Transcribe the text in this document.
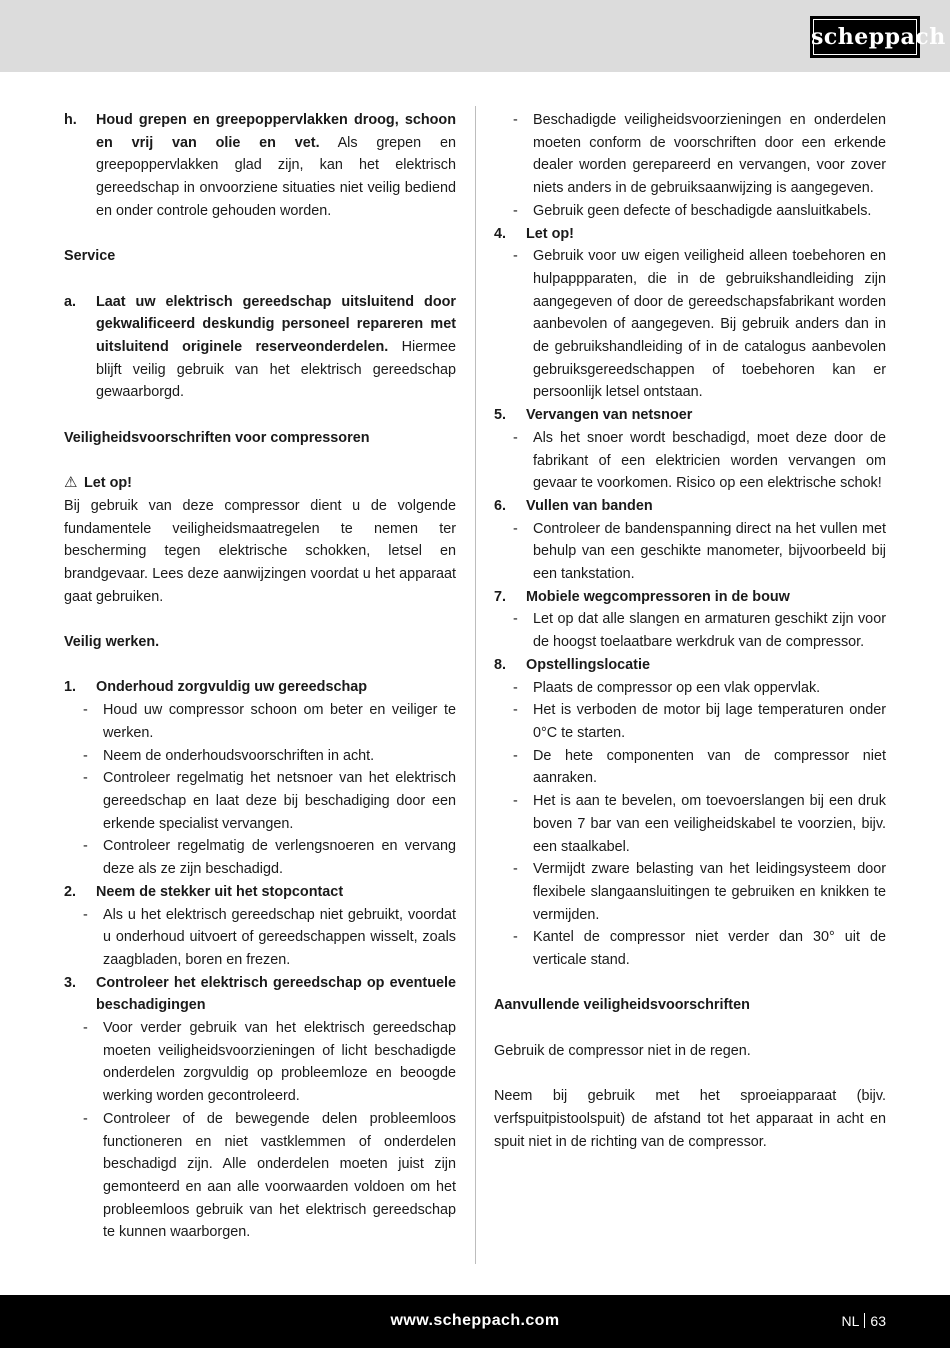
scheppach
h. Houd grepen en greepoppervlakken droog, schoon en vrij van olie en vet. Als grepen en greepoppervlakken glad zijn, kan het elektrisch gereedschap in onvoorziene situaties niet veilig bediend en onder controle gehouden worden.

Service

a. Laat uw elektrisch gereedschap uitsluitend door gekwalificeerd deskundig personeel repareren met uitsluitend originele reserveonderdelen. Hiermee blijft veilig gebruik van het elektrisch gereedschap gewaarborgd.

Veiligheidsvoorschriften voor compressoren

⚠ Let op!

Bij gebruik van deze compressor dient u de volgende fundamentele veiligheidsmaatregelen te nemen ter bescherming tegen elektrische schokken, letsel en brandgevaar. Lees deze aanwijzingen voordat u het apparaat gaat gebruiken.

Veilig werken.

1. Onderhoud zorgvuldig uw gereedschap
- Houd uw compressor schoon om beter en veiliger te werken.
- Neem de onderhoudsvoorschriften in acht.
- Controleer regelmatig het netsnoer van het elektrisch gereedschap en laat deze bij beschadiging door een erkende specialist vervangen.
- Controleer regelmatig de verlengsnoeren en vervang deze als ze zijn beschadigd.
2. Neem de stekker uit het stopcontact
- Als u het elektrisch gereedschap niet gebruikt, voordat u onderhoud uitvoert of gereedschappen wisselt, zoals zaagbladen, boren en frezen.
3. Controleer het elektrisch gereedschap op eventuele beschadigingen
- Voor verder gebruik van het elektrisch gereedschap moeten veiligheidsvoorzieningen of licht beschadigde onderdelen zorgvuldig op probleemloze en beoogde werking worden gecontroleerd.
- Controleer of de bewegende delen probleemloos functioneren en niet vastklemmen of onderdelen beschadigd zijn. Alle onderdelen moeten juist zijn gemonteerd en aan alle voorwaarden voldoen om het probleemloos gebruik van het elektrisch gereedschap te kunnen waarborgen.
- Beschadigde veiligheidsvoorzieningen en onderdelen moeten conform de voorschriften door een erkende dealer worden gerepareerd en vervangen, voor zover niets anders in de gebruiksaanwijzing is aangegeven.
- Gebruik geen defecte of beschadigde aansluitkabels.
4. Let op!
- Gebruik voor uw eigen veiligheid alleen toebehoren en hulpappparaten, die in de gebruikshandleiding zijn aangegeven of door de gereedschapsfabrikant worden aanbevolen of aangegeven. Bij gebruik anders dan in de gebruikshandleiding of in de catalogus aanbevolen gebruiksgereedschappen of toebehoren kan er persoonlijk letsel ontstaan.
5. Vervangen van netsnoer
- Als het snoer wordt beschadigd, moet deze door de fabrikant of een elektricien worden vervangen om gevaar te voorkomen. Risico op een elektrische schok!
6. Vullen van banden
- Controleer de bandenspanning direct na het vullen met behulp van een geschikte manometer, bijvoorbeeld bij een tankstation.
7. Mobiele wegcompressoren in de bouw
- Let op dat alle slangen en armaturen geschikt zijn voor de hoogst toelaatbare werkdruk van de compressor.
8. Opstellingslocatie
- Plaats de compressor op een vlak oppervlak.
- Het is verboden de motor bij lage temperaturen onder 0°C te starten.
- De hete componenten van de compressor niet aanraken.
- Het is aan te bevelen, om toevoerslangen bij een druk boven 7 bar van een veiligheidskabel te voorzien, bijv. een staalkabel.
- Vermijdt zware belasting van het leidingsysteem door flexibele slangaansluitingen te gebruiken en knikken te vermijden.
- Kantel de compressor niet verder dan 30° uit de verticale stand.

Aanvullende veiligheidsvoorschriften

Gebruik de compressor niet in de regen.

Neem bij gebruik met het sproeiapparaat (bijv. verfspuitpistoolspuit) de afstand tot het apparaat in acht en spuit niet in de richting van de compressor.

www.scheppach.com	NL 63
